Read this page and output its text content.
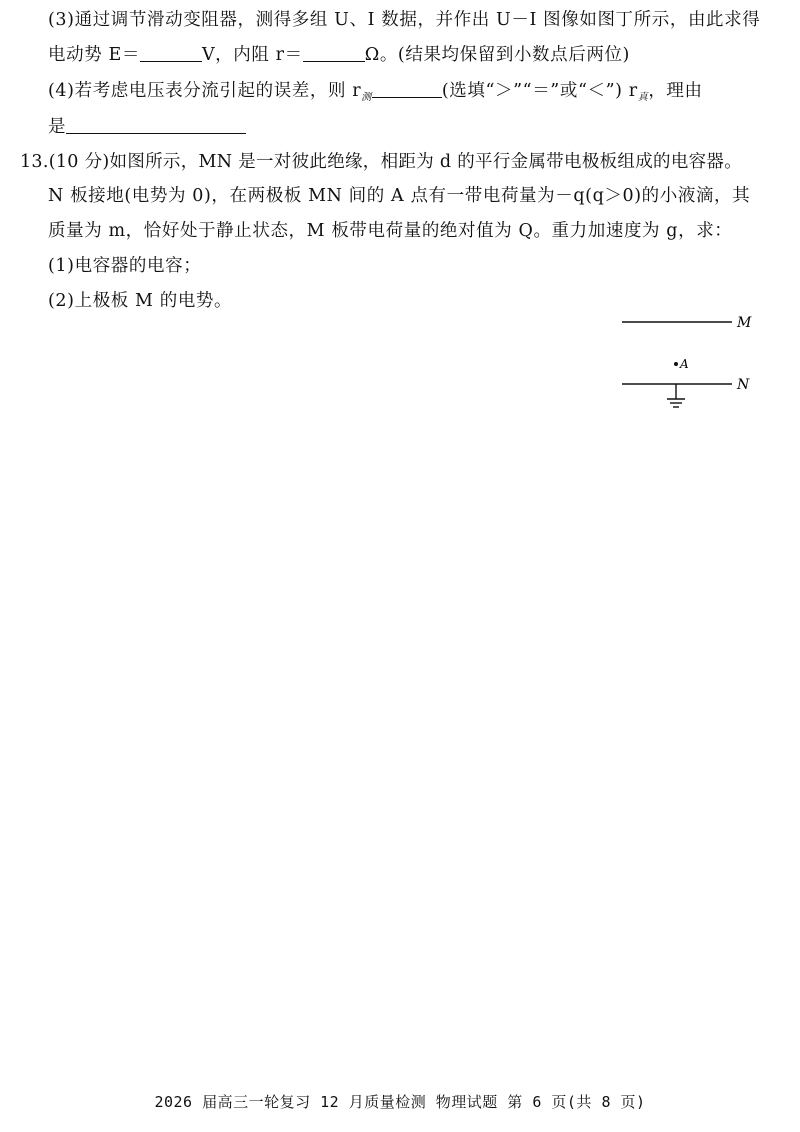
(3)通过调节滑动变阻器，测得多组 U、I 数据，并作出 U－I 图像如图丁所示，由此求得
电动势 E＝	V，内阻 r＝	Ω。(结果均保留到小数点后两位)
(4)若考虑电压表分流引起的误差，则 $r_测$	(选填“＞”“＝”或“＜”) $r_真$，理由
是
13.(10 分)如图所示，MN 是一对彼此绝缘，相距为 d 的平行金属带电极板组成的电容器。
N 板接地(电势为 0)，在两极板 MN 间的 A 点有一带电荷量为－q(q＞0)的小液滴，其
质量为 m，恰好处于静止状态，M 板带电荷量的绝对值为 Q。重力加速度为 g，求：
(1)电容器的电容；
(2)上极板 M 的电势。
M
A
N
2026 届高三一轮复习 12 月质量检测 物理试题 第 6 页(共 8 页)
